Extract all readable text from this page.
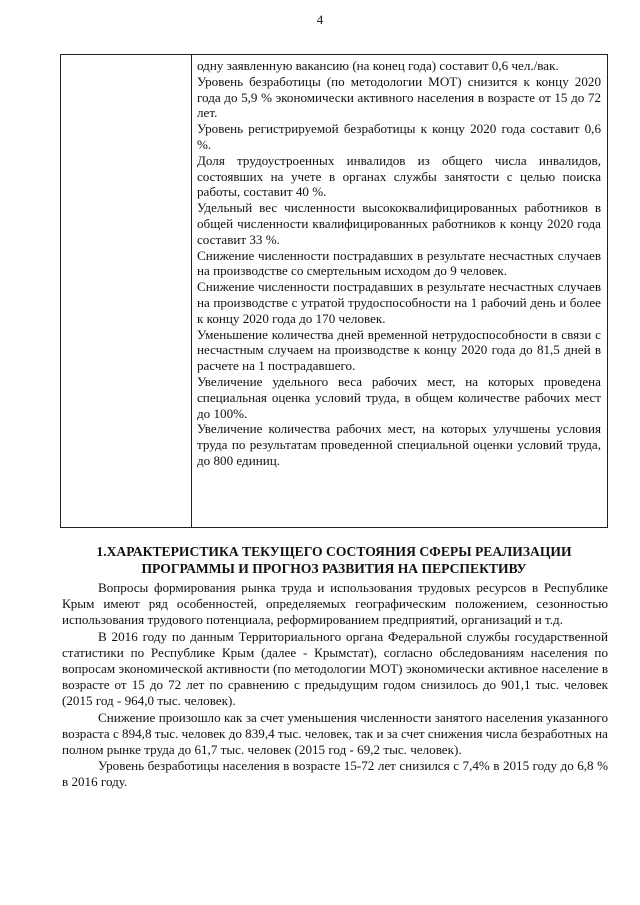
4

одну заявленную вакансию (на конец года) составит 0,6 чел./вак.

Уровень безработицы (по методологии МОТ) снизится к концу 2020 года до 5,9 % экономически активного населения в возрасте от 15 до 72 лет.

Уровень регистрируемой безработицы к концу 2020 года составит 0,6 %.

Доля трудоустроенных инвалидов из общего числа инвалидов, состоявших на учете в органах службы занятости с целью поиска работы, составит 40 %.

Удельный вес численности высококвалифицированных работников в общей численности квалифицированных работников к концу 2020 года составит 33 %.

Снижение численности пострадавших в результате несчастных случаев на производстве со смертельным исходом до 9 человек.

Снижение численности пострадавших в результате несчастных случаев на производстве с утратой трудоспособности на 1 рабочий день и более к концу 2020 года до 170 человек.

Уменьшение количества дней временной нетрудоспособности в связи с несчастным случаем на производстве к концу 2020 года до 81,5 дней в расчете на 1 пострадавшего.

Увеличение удельного веса рабочих мест, на которых проведена специальная оценка условий труда, в общем количестве рабочих мест до 100%.

Увеличение количества рабочих мест, на которых улучшены условия труда по результатам проведенной специальной оценки условий труда, до 800 единиц.

1.ХАРАКТЕРИСТИКА ТЕКУЩЕГО СОСТОЯНИЯ СФЕРЫ РЕАЛИЗАЦИИ ПРОГРАММЫ И ПРОГНОЗ РАЗВИТИЯ НА ПЕРСПЕКТИВУ

Вопросы формирования рынка труда и использования трудовых ресурсов в Республике Крым имеют ряд особенностей, определяемых географическим положением, сезонностью использования трудового потенциала, реформированием предприятий, организаций и т.д.

В 2016 году по данным Территориального органа Федеральной службы государственной статистики по Республике Крым (далее - Крымстат), согласно обследованиям населения по вопросам экономической активности (по методологии МОТ) экономически активное население в возрасте от 15 до 72 лет по сравнению с предыдущим годом снизилось до 901,1 тыс. человек (2015 год - 964,0 тыс. человек).

Снижение произошло как за счет уменьшения численности занятого населения указанного возраста с 894,8 тыс. человек до 839,4 тыс. человек, так и за счет снижения числа безработных на полном рынке труда до 61,7 тыс. человек (2015 год - 69,2 тыс. человек).

Уровень безработицы населения в возрасте 15-72 лет снизился с 7,4% в 2015 году до 6,8 % в 2016 году.
